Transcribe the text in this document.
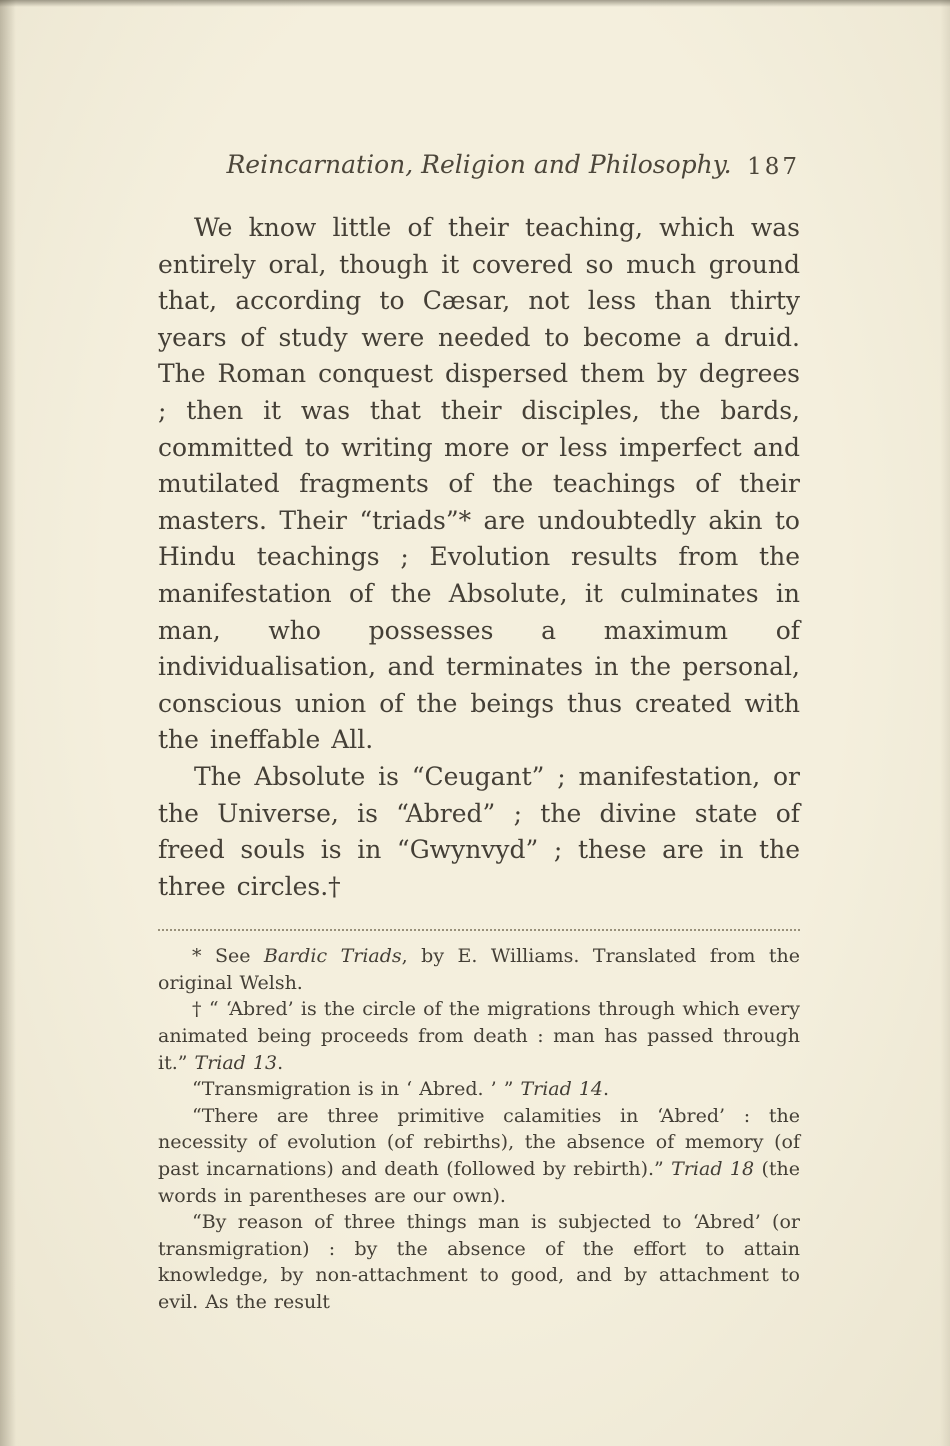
Reincarnation, Religion and Philosophy. 187

We know little of their teaching, which was entirely oral, though it covered so much ground that, according to Cæsar, not less than thirty years of study were needed to become a druid. The Roman conquest dispersed them by degrees ; then it was that their disciples, the bards, committed to writing more or less imperfect and mutilated fragments of the teachings of their masters. Their “triads”* are undoubtedly akin to Hindu teachings ; Evolution results from the manifestation of the Absolute, it culminates in man, who possesses a maximum of individualisation, and terminates in the personal, conscious union of the beings thus created with the ineffable All.

The Absolute is “Ceugant” ; manifestation, or the Universe, is “Abred” ; the divine state of freed souls is in “Gwynvyd” ; these are in the three circles.†

* See Bardic Triads, by E. Williams. Translated from the original Welsh.

† “ ‘Abred’ is the circle of the migrations through which every animated being proceeds from death : man has passed through it.” Triad 13.

“Transmigration is in ‘ Abred. ’ ” Triad 14.

“There are three primitive calamities in ‘Abred’ : the necessity of evolution (of rebirths), the absence of memory (of past incarnations) and death (followed by rebirth).” Triad 18 (the words in parentheses are our own).

“By reason of three things man is subjected to ‘Abred’ (or transmigration) : by the absence of the effort to attain knowledge, by non-attachment to good, and by attachment to evil. As the result
